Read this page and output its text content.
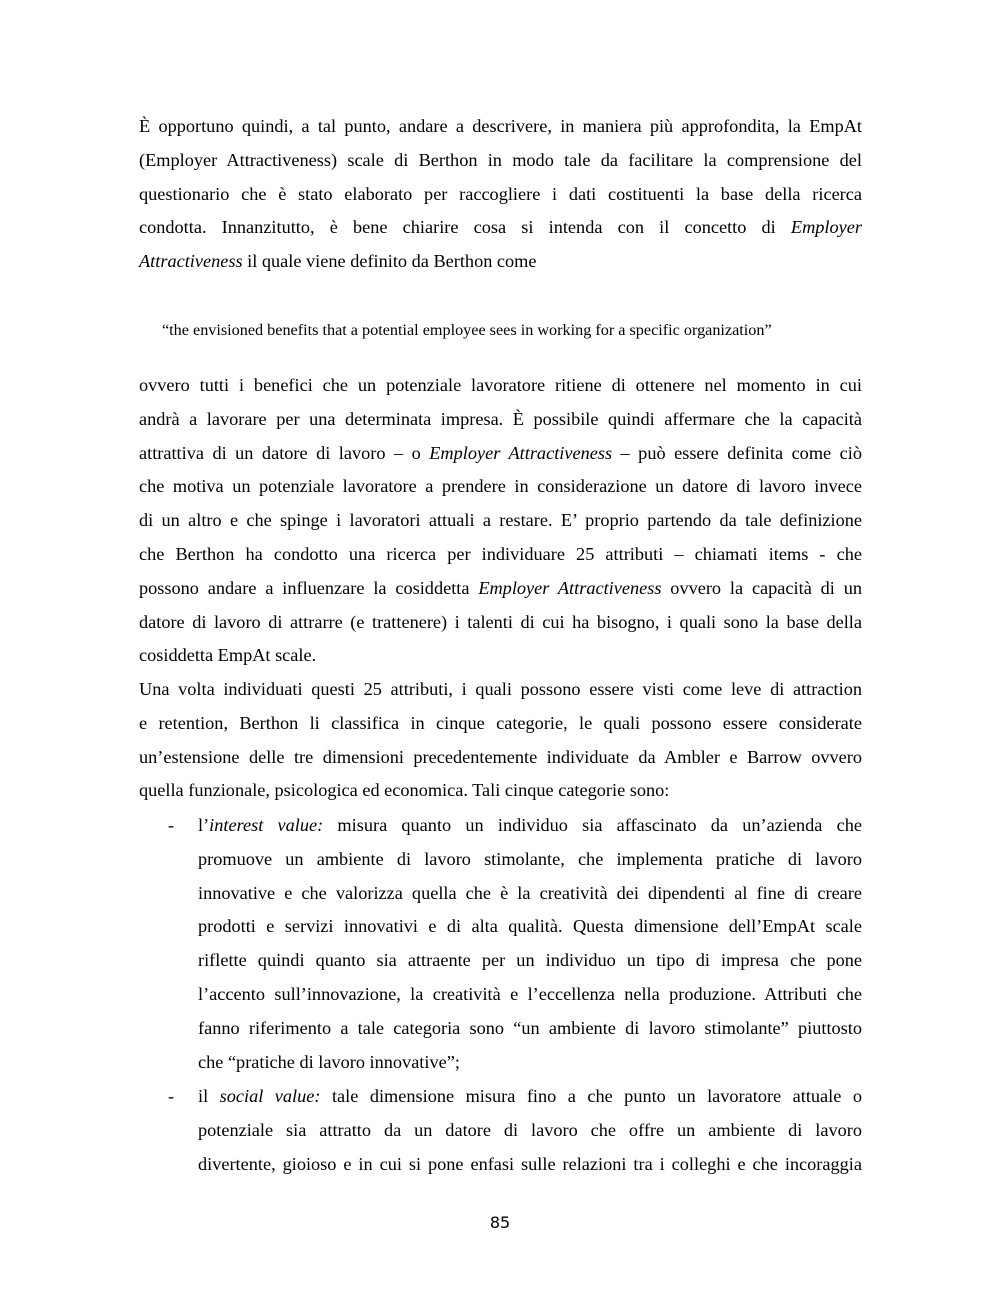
È opportuno quindi, a tal punto, andare a descrivere, in maniera più approfondita, la EmpAt
(Employer Attractiveness) scale di Berthon in modo tale da facilitare la comprensione del
questionario che è stato elaborato per raccogliere i dati costituenti la base della ricerca
condotta. Innanzitutto, è bene chiarire cosa si intenda con il concetto di Employer
Attractiveness il quale viene definito da Berthon come

“the envisioned benefits that a potential employee sees in working for a specific organization”

ovvero tutti i benefici che un potenziale lavoratore ritiene di ottenere nel momento in cui
andrà a lavorare per una determinata impresa. È possibile quindi affermare che la capacità
attrattiva di un datore di lavoro – o Employer Attractiveness – può essere definita come ciò
che motiva un potenziale lavoratore a prendere in considerazione un datore di lavoro invece
di un altro e che spinge i lavoratori attuali a restare. E’ proprio partendo da tale definizione
che Berthon ha condotto una ricerca per individuare 25 attributi – chiamati items - che
possono andare a influenzare la cosiddetta Employer Attractiveness ovvero la capacità di un
datore di lavoro di attrarre (e trattenere) i talenti di cui ha bisogno, i quali sono la base della
cosiddetta EmpAt scale.
Una volta individuati questi 25 attributi, i quali possono essere visti come leve di attraction
e retention, Berthon li classifica in cinque categorie, le quali possono essere considerate
un’estensione delle tre dimensioni precedentemente individuate da Ambler e Barrow ovvero
quella funzionale, psicologica ed economica. Tali cinque categorie sono:
- l’interest value: misura quanto un individuo sia affascinato da un’azienda che
promuove un ambiente di lavoro stimolante, che implementa pratiche di lavoro
innovative e che valorizza quella che è la creatività dei dipendenti al fine di creare
prodotti e servizi innovativi e di alta qualità. Questa dimensione dell’EmpAt scale
riflette quindi quanto sia attraente per un individuo un tipo di impresa che pone
l’accento sull’innovazione, la creatività e l’eccellenza nella produzione. Attributi che
fanno riferimento a tale categoria sono “un ambiente di lavoro stimolante” piuttosto
che “pratiche di lavoro innovative”;
- il social value: tale dimensione misura fino a che punto un lavoratore attuale o
potenziale sia attratto da un datore di lavoro che offre un ambiente di lavoro
divertente, gioioso e in cui si pone enfasi sulle relazioni tra i colleghi e che incoraggia
85
